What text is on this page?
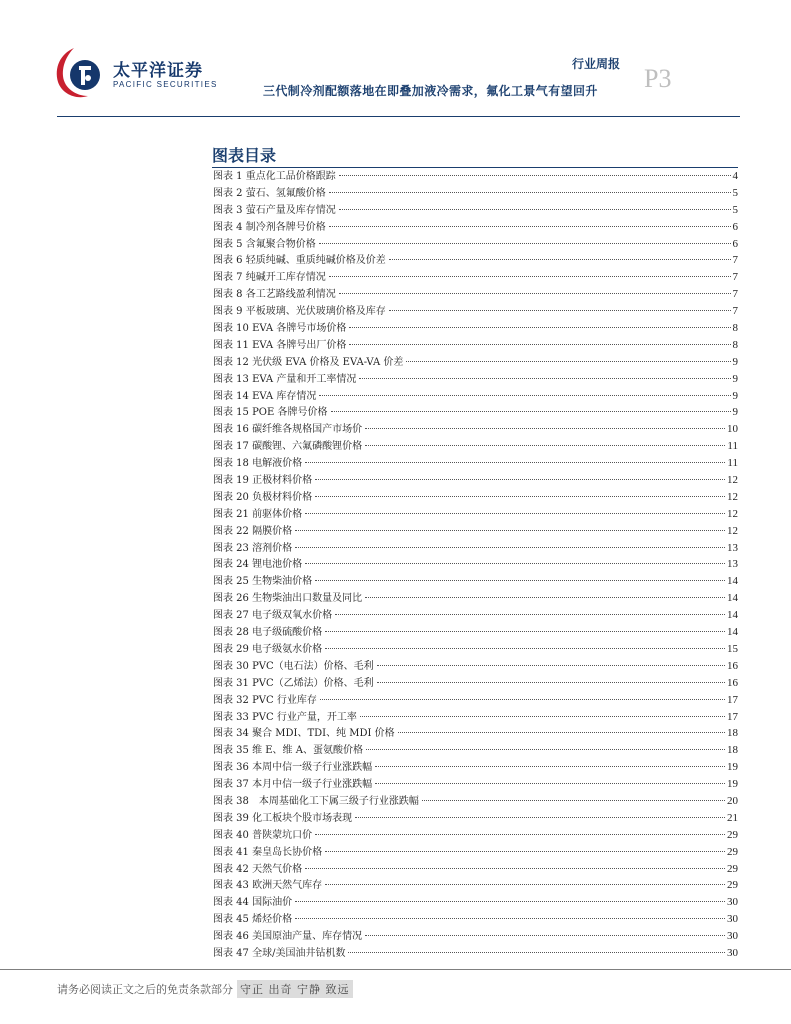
太平洋证券
PACIFIC SECURITIES
行业周报
三代制冷剂配额落地在即叠加液冷需求，氟化工景气有望回升 P3
图表目录
图表 1 重点化工品价格跟踪	4
图表 2 萤石、氢氟酸价格	5
图表 3 萤石产量及库存情况	5
图表 4 制冷剂各牌号价格	6
图表 5 含氟聚合物价格	6
图表 6 轻质纯碱、重质纯碱价格及价差	7
图表 7 纯碱开工库存情况	7
图表 8 各工艺路线盈利情况	7
图表 9 平板玻璃、光伏玻璃价格及库存	7
图表 10 EVA 各牌号市场价格	8
图表 11 EVA 各牌号出厂价格	8
图表 12 光伏级 EVA 价格及 EVA-VA 价差	9
图表 13 EVA 产量和开工率情况	9
图表 14 EVA 库存情况	9
图表 15 POE 各牌号价格	9
图表 16 碳纤维各规格国产市场价	10
图表 17 碳酸锂、六氟磷酸锂价格	11
图表 18 电解液价格	11
图表 19 正极材料价格	12
图表 20 负极材料价格	12
图表 21 前驱体价格	12
图表 22 隔膜价格	12
图表 23 溶剂价格	13
图表 24 锂电池价格	13
图表 25 生物柴油价格	14
图表 26 生物柴油出口数量及同比	14
图表 27 电子级双氧水价格	14
图表 28 电子级硫酸价格	14
图表 29 电子级氨水价格	15
图表 30 PVC（电石法）价格、毛利	16
图表 31 PVC（乙烯法）价格、毛利	16
图表 32 PVC 行业库存	17
图表 33 PVC 行业产量，开工率	17
图表 34 聚合 MDI、TDI、纯 MDI 价格	18
图表 35 维 E、维 A、蛋氨酸价格	18
图表 36 本周中信一级子行业涨跌幅	19
图表 37 本月中信一级子行业涨跌幅	19
图表 38　本周基础化工下属三级子行业涨跌幅	20
图表 39 化工板块个股市场表现	21
图表 40 普陕蒙坑口价	29
图表 41 秦皇岛长协价格	29
图表 42 天然气价格	29
图表 43 欧洲天然气库存	29
图表 44 国际油价	30
图表 45 烯烃价格	30
图表 46 美国原油产量、库存情况	30
图表 47 全球/美国油井钻机数	30
请务必阅读正文之后的免责条款部分 守正 出奇 宁静 致远
